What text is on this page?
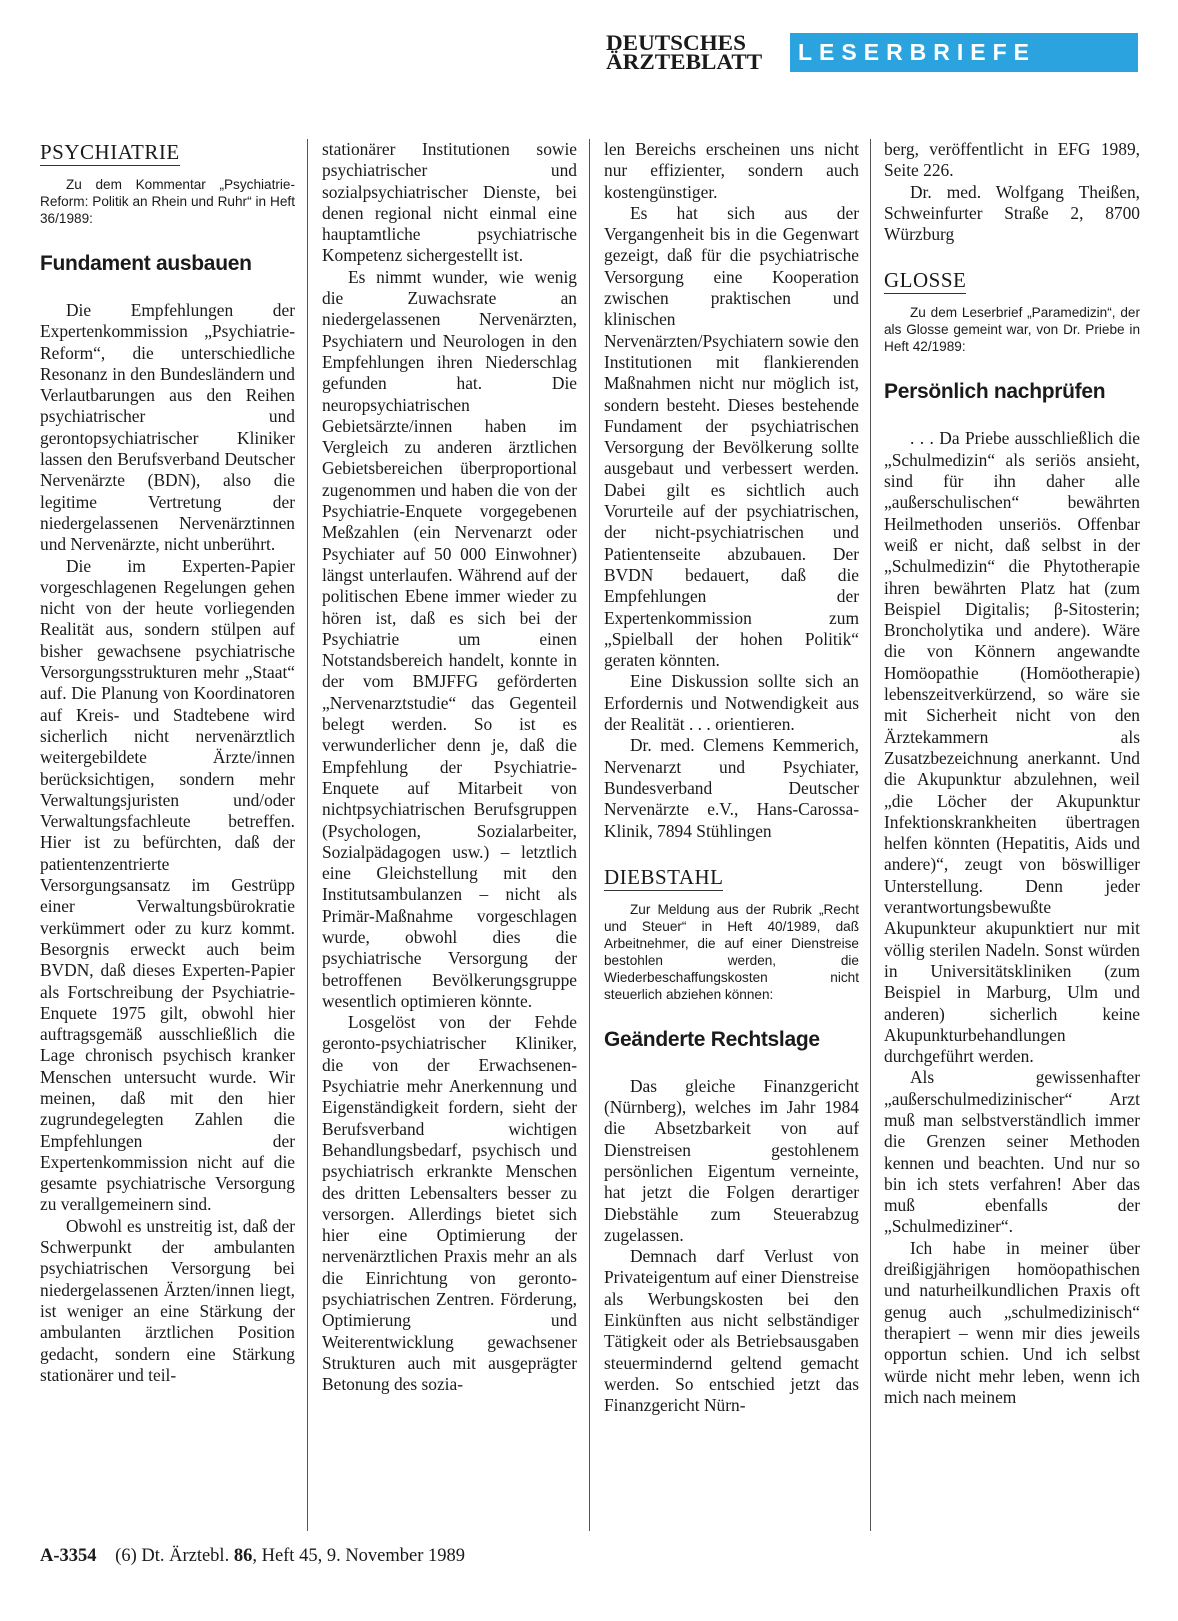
DEUTSCHES
ÄRZTEBLATT	LESERBRIEFE
PSYCHIATRIE

Zu dem Kommentar „Psychiatrie-Reform: Politik an Rhein und Ruhr“ in Heft 36/1989:

Fundament ausbauen

Die Empfehlungen der Expertenkommission „Psychiatrie-Reform“, die unterschiedliche Resonanz in den Bundesländern und Verlautbarungen aus den Reihen psychiatrischer und gerontopsychiatrischer Kliniker lassen den Berufsverband Deutscher Nervenärzte (BDN), also die legitime Vertretung der niedergelassenen Nervenärztinnen und Nervenärzte, nicht unberührt.

Die im Experten-Papier vorgeschlagenen Regelungen gehen nicht von der heute vorliegenden Realität aus, sondern stülpen auf bisher gewachsene psychiatrische Versorgungsstrukturen mehr „Staat“ auf. Die Planung von Koordinatoren auf Kreis- und Stadtebene wird sicherlich nicht nervenärztlich weitergebildete Ärzte/innen berücksichtigen, sondern mehr Verwaltungsjuristen und/oder Verwaltungsfachleute betreffen. Hier ist zu befürchten, daß der patientenzentrierte Versorgungsansatz im Gestrüpp einer Verwaltungsbürokratie verkümmert oder zu kurz kommt. Besorgnis erweckt auch beim BVDN, daß dieses Experten-Papier als Fortschreibung der Psychiatrie-Enquete 1975 gilt, obwohl hier auftragsgemäß ausschließlich die Lage chronisch psychisch kranker Menschen untersucht wurde. Wir meinen, daß mit den hier zugrundegelegten Zahlen die Empfehlungen der Expertenkommission nicht auf die gesamte psychiatrische Versorgung zu verallgemeinern sind.

Obwohl es unstreitig ist, daß der Schwerpunkt der ambulanten psychiatrischen Versorgung bei niedergelassenen Ärzten/innen liegt, ist weniger an eine Stärkung der ambulanten ärztlichen Position gedacht, sondern eine Stärkung stationärer und teil-

stationärer Institutionen sowie psychiatrischer und sozialpsychiatrischer Dienste, bei denen regional nicht einmal eine hauptamtliche psychiatrische Kompetenz sichergestellt ist.

Es nimmt wunder, wie wenig die Zuwachsrate an niedergelassenen Nervenärzten, Psychiatern und Neurologen in den Empfehlungen ihren Niederschlag gefunden hat. Die neuropsychiatrischen Gebietsärzte/innen haben im Vergleich zu anderen ärztlichen Gebietsbereichen überproportional zugenommen und haben die von der Psychiatrie-Enquete vorgegebenen Meßzahlen (ein Nervenarzt oder Psychiater auf 50 000 Einwohner) längst unterlaufen. Während auf der politischen Ebene immer wieder zu hören ist, daß es sich bei der Psychiatrie um einen Notstandsbereich handelt, konnte in der vom BMJFFG geförderten „Nervenarztstudie“ das Gegenteil belegt werden. So ist es verwunderlicher denn je, daß die Empfehlung der Psychiatrie-Enquete auf Mitarbeit von nichtpsychiatrischen Berufsgruppen (Psychologen, Sozialarbeiter, Sozialpädagogen usw.) – letztlich eine Gleichstellung mit den Institutsambulanzen – nicht als Primär-Maßnahme vorgeschlagen wurde, obwohl dies die psychiatrische Versorgung der betroffenen Bevölkerungsgruppe wesentlich optimieren könnte.

Losgelöst von der Fehde geronto-psychiatrischer Kliniker, die von der Erwachsenen-Psychiatrie mehr Anerkennung und Eigenständigkeit fordern, sieht der Berufsverband wichtigen Behandlungsbedarf, psychisch und psychiatrisch erkrankte Menschen des dritten Lebensalters besser zu versorgen. Allerdings bietet sich hier eine Optimierung der nervenärztlichen Praxis mehr an als die Einrichtung von geronto-psychiatrischen Zentren. Förderung, Optimierung und Weiterentwicklung gewachsener Strukturen auch mit ausgeprägter Betonung des sozia-

len Bereichs erscheinen uns nicht nur effizienter, sondern auch kostengünstiger.

Es hat sich aus der Vergangenheit bis in die Gegenwart gezeigt, daß für die psychiatrische Versorgung eine Kooperation zwischen praktischen und klinischen Nervenärzten/Psychiatern sowie den Institutionen mit flankierenden Maßnahmen nicht nur möglich ist, sondern besteht. Dieses bestehende Fundament der psychiatrischen Versorgung der Bevölkerung sollte ausgebaut und verbessert werden. Dabei gilt es sichtlich auch Vorurteile auf der psychiatrischen, der nicht-psychiatrischen und Patientenseite abzubauen. Der BVDN bedauert, daß die Empfehlungen der Expertenkommission zum „Spielball der hohen Politik“ geraten könnten.

Eine Diskussion sollte sich an Erfordernis und Notwendigkeit aus der Realität . . . orientieren.

Dr. med. Clemens Kemmerich, Nervenarzt und Psychiater, Bundesverband Deutscher Nervenärzte e.V., Hans-Carossa-Klinik, 7894 Stühlingen

DIEBSTAHL

Zur Meldung aus der Rubrik „Recht und Steuer“ in Heft 40/1989, daß Arbeitnehmer, die auf einer Dienstreise bestohlen werden, die Wiederbeschaffungskosten nicht steuerlich abziehen können:

Geänderte Rechtslage

Das gleiche Finanzgericht (Nürnberg), welches im Jahr 1984 die Absetzbarkeit von auf Dienstreisen gestohlenem persönlichen Eigentum verneinte, hat jetzt die Folgen derartiger Diebstähle zum Steuerabzug zugelassen.

Demnach darf Verlust von Privateigentum auf einer Dienstreise als Werbungskosten bei den Einkünften aus nicht selbständiger Tätigkeit oder als Betriebsausgaben steuermindernd geltend gemacht werden. So entschied jetzt das Finanzgericht Nürn-

berg, veröffentlicht in EFG 1989, Seite 226.

Dr. med. Wolfgang Theißen, Schweinfurter Straße 2, 8700 Würzburg

GLOSSE

Zu dem Leserbrief „Paramedizin“, der als Glosse gemeint war, von Dr. Priebe in Heft 42/1989:

Persönlich nachprüfen

. . . Da Priebe ausschließlich die „Schulmedizin“ als seriös ansieht, sind für ihn daher alle „außerschulischen“ bewährten Heilmethoden unseriös. Offenbar weiß er nicht, daß selbst in der „Schulmedizin“ die Phytotherapie ihren bewährten Platz hat (zum Beispiel Digitalis; β-Sitosterin; Broncholytika und andere). Wäre die von Könnern angewandte Homöopathie (Homöotherapie) lebenszeitverkürzend, so wäre sie mit Sicherheit nicht von den Ärztekammern als Zusatzbezeichnung anerkannt. Und die Akupunktur abzulehnen, weil „die Löcher der Akupunktur Infektionskrankheiten übertragen helfen könnten (Hepatitis, Aids und andere)“, zeugt von böswilliger Unterstellung. Denn jeder verantwortungsbewußte Akupunkteur akupunktiert nur mit völlig sterilen Nadeln. Sonst würden in Universitätskliniken (zum Beispiel in Marburg, Ulm und anderen) sicherlich keine Akupunkturbehandlungen durchgeführt werden.

Als gewissenhafter „außerschulmedizinischer“ Arzt muß man selbstverständlich immer die Grenzen seiner Methoden kennen und beachten. Und nur so bin ich stets verfahren! Aber das muß ebenfalls der „Schulmediziner“.

Ich habe in meiner über dreißigjährigen homöopathischen und naturheilkundlichen Praxis oft genug auch „schulmedizinisch“ therapiert – wenn mir dies jeweils opportun schien. Und ich selbst würde nicht mehr leben, wenn ich mich nach meinem

A-3354 (6) Dt. Ärztebl. 86, Heft 45, 9. November 1989
